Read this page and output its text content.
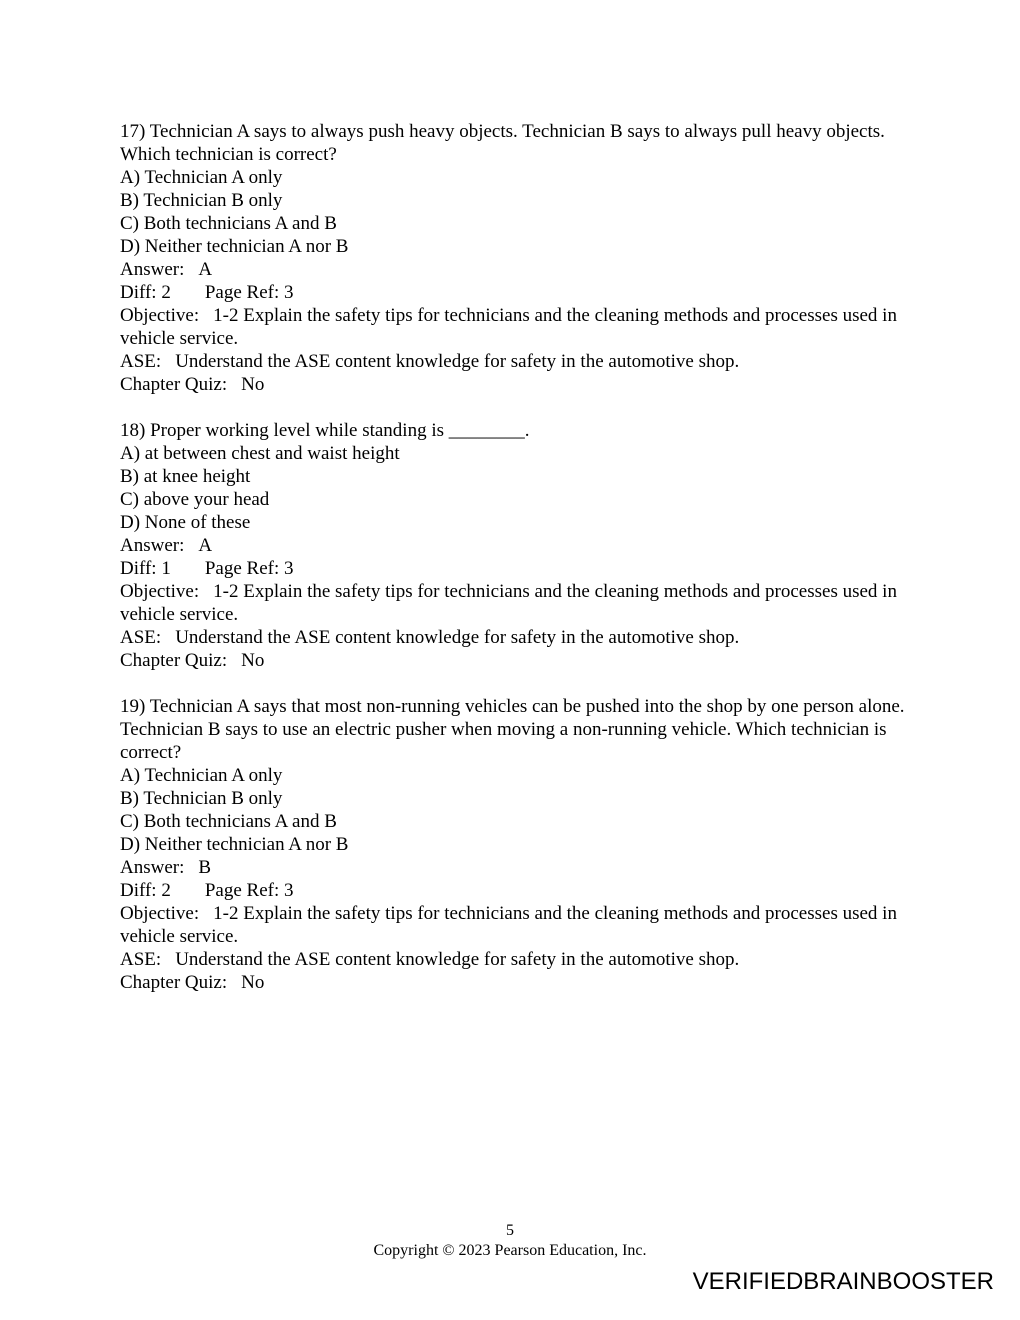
17) Technician A says to always push heavy objects. Technician B says to always pull heavy objects. Which technician is correct?

A) Technician A only

B) Technician B only

C) Both technicians A and B

D) Neither technician A nor B

Answer: A

Diff: 2 Page Ref: 3

Objective: 1-2 Explain the safety tips for technicians and the cleaning methods and processes used in vehicle service.

ASE: Understand the ASE content knowledge for safety in the automotive shop.

Chapter Quiz: No

18) Proper working level while standing is ________.

A) at between chest and waist height

B) at knee height

C) above your head

D) None of these

Answer: A

Diff: 1 Page Ref: 3

Objective: 1-2 Explain the safety tips for technicians and the cleaning methods and processes used in vehicle service.

ASE: Understand the ASE content knowledge for safety in the automotive shop.

Chapter Quiz: No

19) Technician A says that most non-running vehicles can be pushed into the shop by one person alone. Technician B says to use an electric pusher when moving a non-running vehicle. Which technician is correct?

A) Technician A only

B) Technician B only

C) Both technicians A and B

D) Neither technician A nor B

Answer: B

Diff: 2 Page Ref: 3

Objective: 1-2 Explain the safety tips for technicians and the cleaning methods and processes used in vehicle service.

ASE: Understand the ASE content knowledge for safety in the automotive shop.

Chapter Quiz: No

5
Copyright © 2023 Pearson Education, Inc.
VERIFIEDBRAINBOOSTER
